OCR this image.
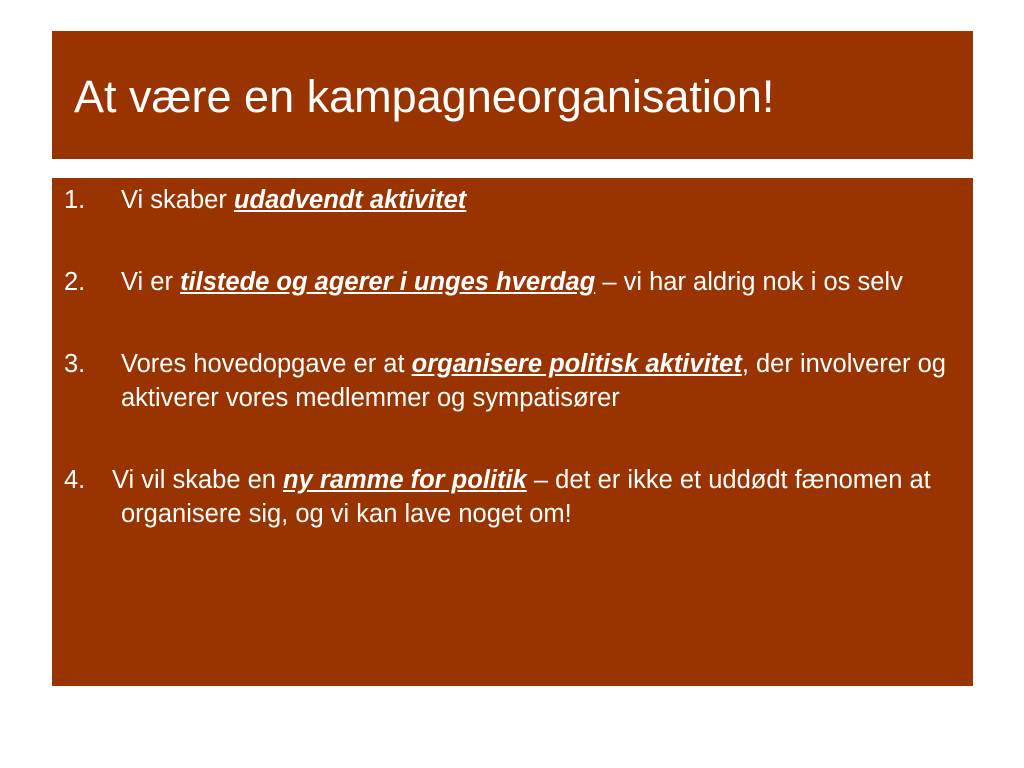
At være en kampagneorganisation!
1.	Vi skaber udadvendt aktivitet
2.	Vi er tilstede og agerer i unges hverdag – vi har aldrig nok i os selv
3.	Vores hovedopgave er at organisere politisk aktivitet, der involverer og aktiverer vores medlemmer og sympatisører
4.	Vi vil skabe en ny ramme for politik – det er ikke et uddødt fænomen at organisere sig, og vi kan lave noget om!
